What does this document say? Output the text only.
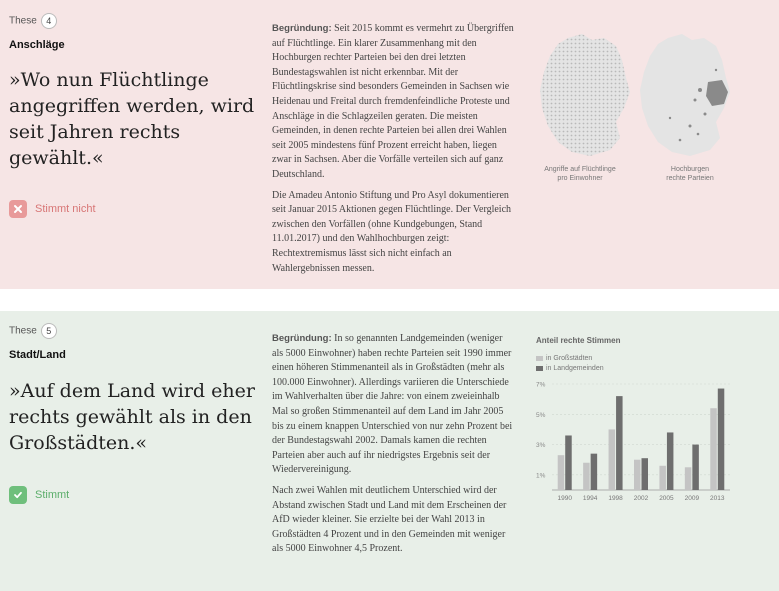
These 4
Anschläge

»Wo nun Flüchtlinge angegriffen werden, wird seit Jahren rechts gewählt.«

Stimmt nicht

Begründung: Seit 2015 kommt es vermehrt zu Übergriffen auf Flüchtlinge. Ein klarer Zusammenhang mit den Hochburgen rechter Parteien bei den drei letzten Bundestagswahlen ist nicht erkennbar. Mit der Flüchtlingskrise sind besonders Gemeinden in Sachsen wie Heidenau und Freital durch fremdenfeindliche Proteste und Anschläge in die Schlagzeilen geraten. Die meisten Gemeinden, in denen rechte Parteien bei allen drei Wahlen seit 2005 mindestens fünf Prozent erreicht haben, liegen zwar in Sachsen. Aber die Vorfälle verteilen sich auf ganz Deutschland.

Die Amadeu Antonio Stiftung und Pro Asyl dokumentieren seit Januar 2015 Aktionen gegen Flüchtlinge. Der Vergleich zwischen den Vorfällen (ohne Kundgebungen, Stand 11.01.2017) und den Wahlhochburgen zeigt: Rechtextremismus lässt sich nicht einfach an Wahlergebnissen messen.

Angriffe auf Flüchtlinge
pro Einwohner
Hochburgen
rechte Parteien
These 5
Stadt/Land

»Auf dem Land wird eher rechts gewählt als in den Großstädten.«

Stimmt

Begründung: In so genannten Landgemeinden (weniger als 5000 Einwohner) haben rechte Parteien seit 1990 immer einen höheren Stimmenanteil als in Großstädten (mehr als 100.000 Einwohner). Allerdings variieren die Unterschiede im Wahlverhalten über die Jahre: von einem zweieinhalb Mal so großen Stimmenanteil auf dem Land im Jahr 2005 bis zu einem knappen Unterschied von nur zehn Prozent bei der Bundestagswahl 2002. Damals kamen die rechten Parteien aber auch auf ihr niedrigstes Ergebnis seit der Wiedervereinigung.

Nach zwei Wahlen mit deutlichem Unterschied wird der Abstand zwischen Stadt und Land mit dem Erscheinen der AfD wieder kleiner. Sie erzielte bei der Wahl 2013 in Großstädten 4 Prozent und in den Gemeinden mit weniger als 5000 Einwohner 4,5 Prozent.

Anteil rechte Stimmen
in Großstädten
in Landgemeinden
1%
3%
5%
7%
1990 1994 1998 2002 2005 2009 2013
